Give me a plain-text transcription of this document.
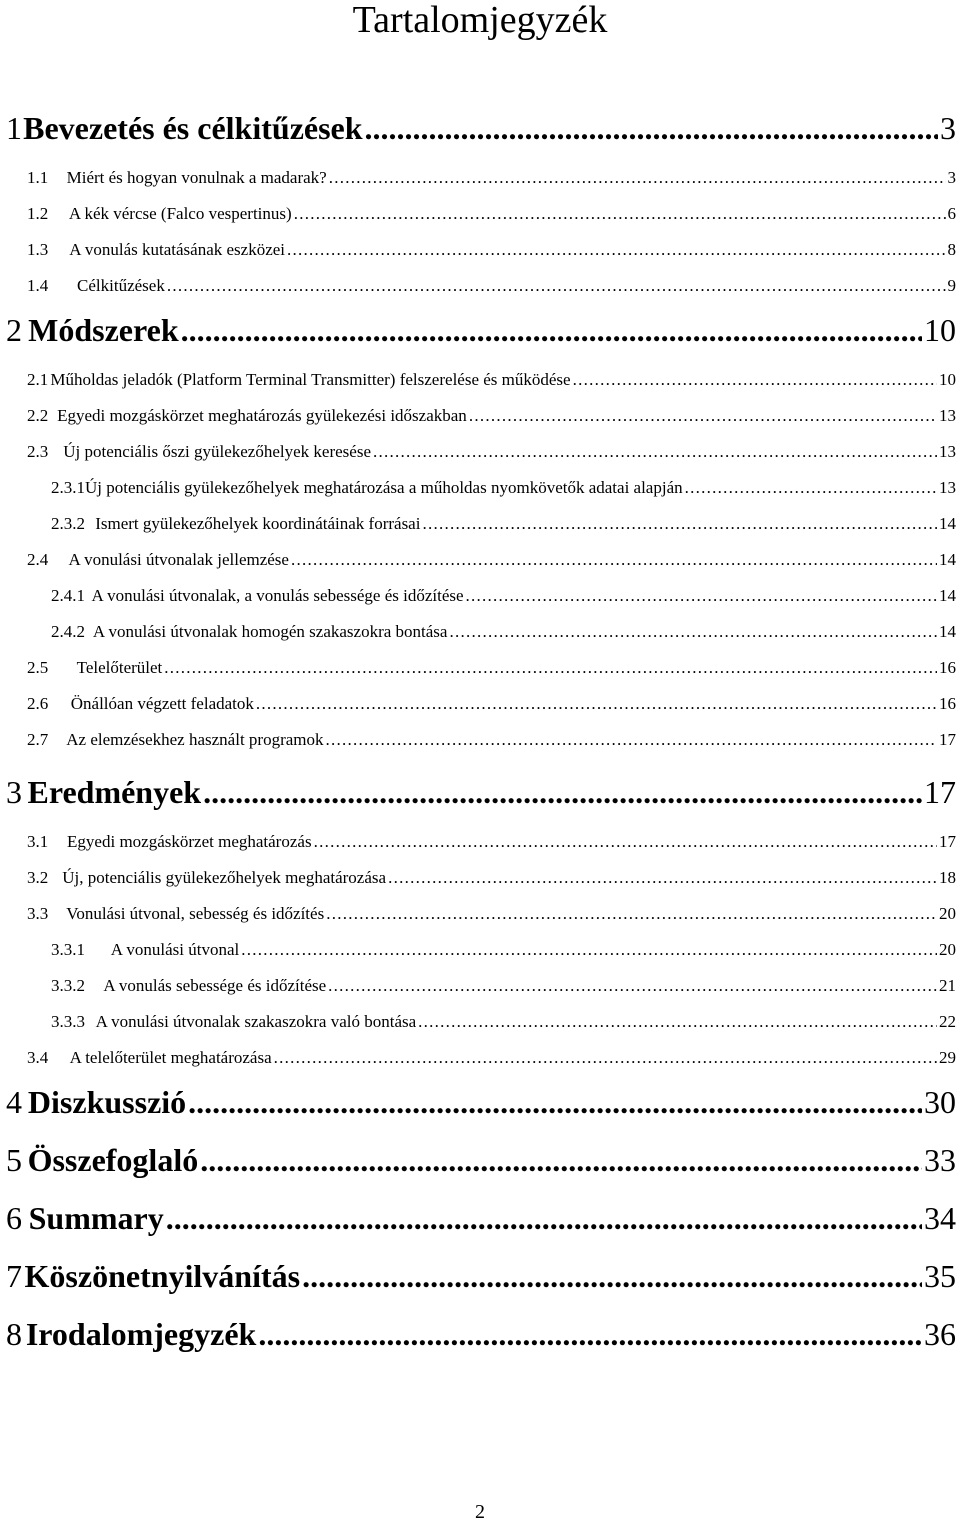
Tartalomjegyzék
1 Bevezetés és célkitűzések . . .	3
1.1	Miért és hogyan vonulnak a madarak? . . .	3
1.2	A kék vércse (Falco vespertinus) . . .	6
1.3	A vonulás kutatásának eszközei . . .	8
1.4	Célkitűzések . . .	9
2 Módszerek . . .	10
2.1 Műholdas jeladók (Platform Terminal Transmitter) felszerelése és működése . . .	10
2.2 Egyedi mozgáskörzet meghatározás gyülekezési időszakban . . .	13
2.3 Új potenciális őszi gyülekezőhelyek keresése . . .	13
2.3.1 Új potenciális gyülekezőhelyek meghatározása a műholdas nyomkövetők adatai alapján . . .	13
2.3.2 Ismert gyülekezőhelyek koordinátáinak forrásai . . .	14
2.4	A vonulási útvonalak jellemzése . . .	14
2.4.1 A vonulási útvonalak, a vonulás sebessége és időzítése . . .	14
2.4.2 A vonulási útvonalak homogén szakaszokra bontása . . .	14
2.5	Telelőterület . . .	16
2.6	Önállóan végzett feladatok . . .	16
2.7	Az elemzésekhez használt programok . . .	17
3 Eredmények . . .	17
3.1	Egyedi mozgáskörzet meghatározás . . .	17
3.2 Új, potenciális gyülekezőhelyek meghatározása . . .	18
3.3	Vonulási útvonal, sebesség és időzítés . . .	20
3.3.1	A vonulási útvonal . . .	20
3.3.2	A vonulás sebessége és időzítése . . .	21
3.3.3 A vonulási útvonalak szakaszokra való bontása . . .	22
3.4	A telelőterület meghatározása . . .	29
4 Diszkusszió . . .	30
5 Összefoglaló . . .	33
6 Summary . . .	34
7 Köszönetnyilvánítás . . .	35
8 Irodalomjegyzék . . .	36
2
